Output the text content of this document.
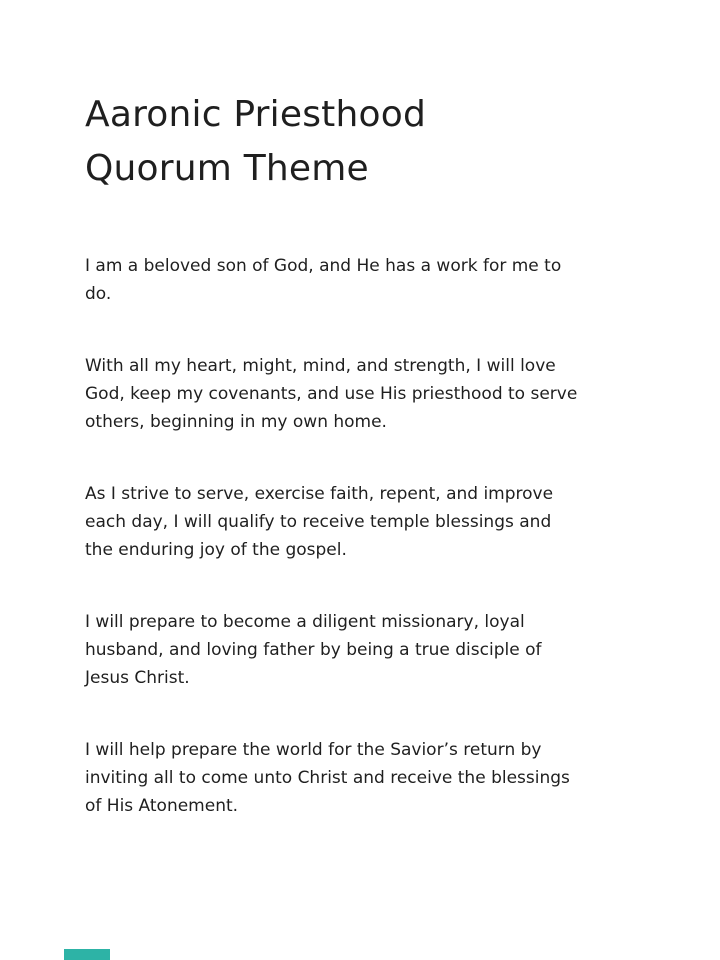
Aaronic Priesthood
Quorum Theme

I am a beloved son of God, and He has a work for me to
do.

With all my heart, might, mind, and strength, I will love
God, keep my covenants, and use His priesthood to serve
others, beginning in my own home.

As I strive to serve, exercise faith, repent, and improve
each day, I will qualify to receive temple blessings and
the enduring joy of the gospel.

I will prepare to become a diligent missionary, loyal
husband, and loving father by being a true disciple of
Jesus Christ.

I will help prepare the world for the Savior’s return by
inviting all to come unto Christ and receive the blessings
of His Atonement.
